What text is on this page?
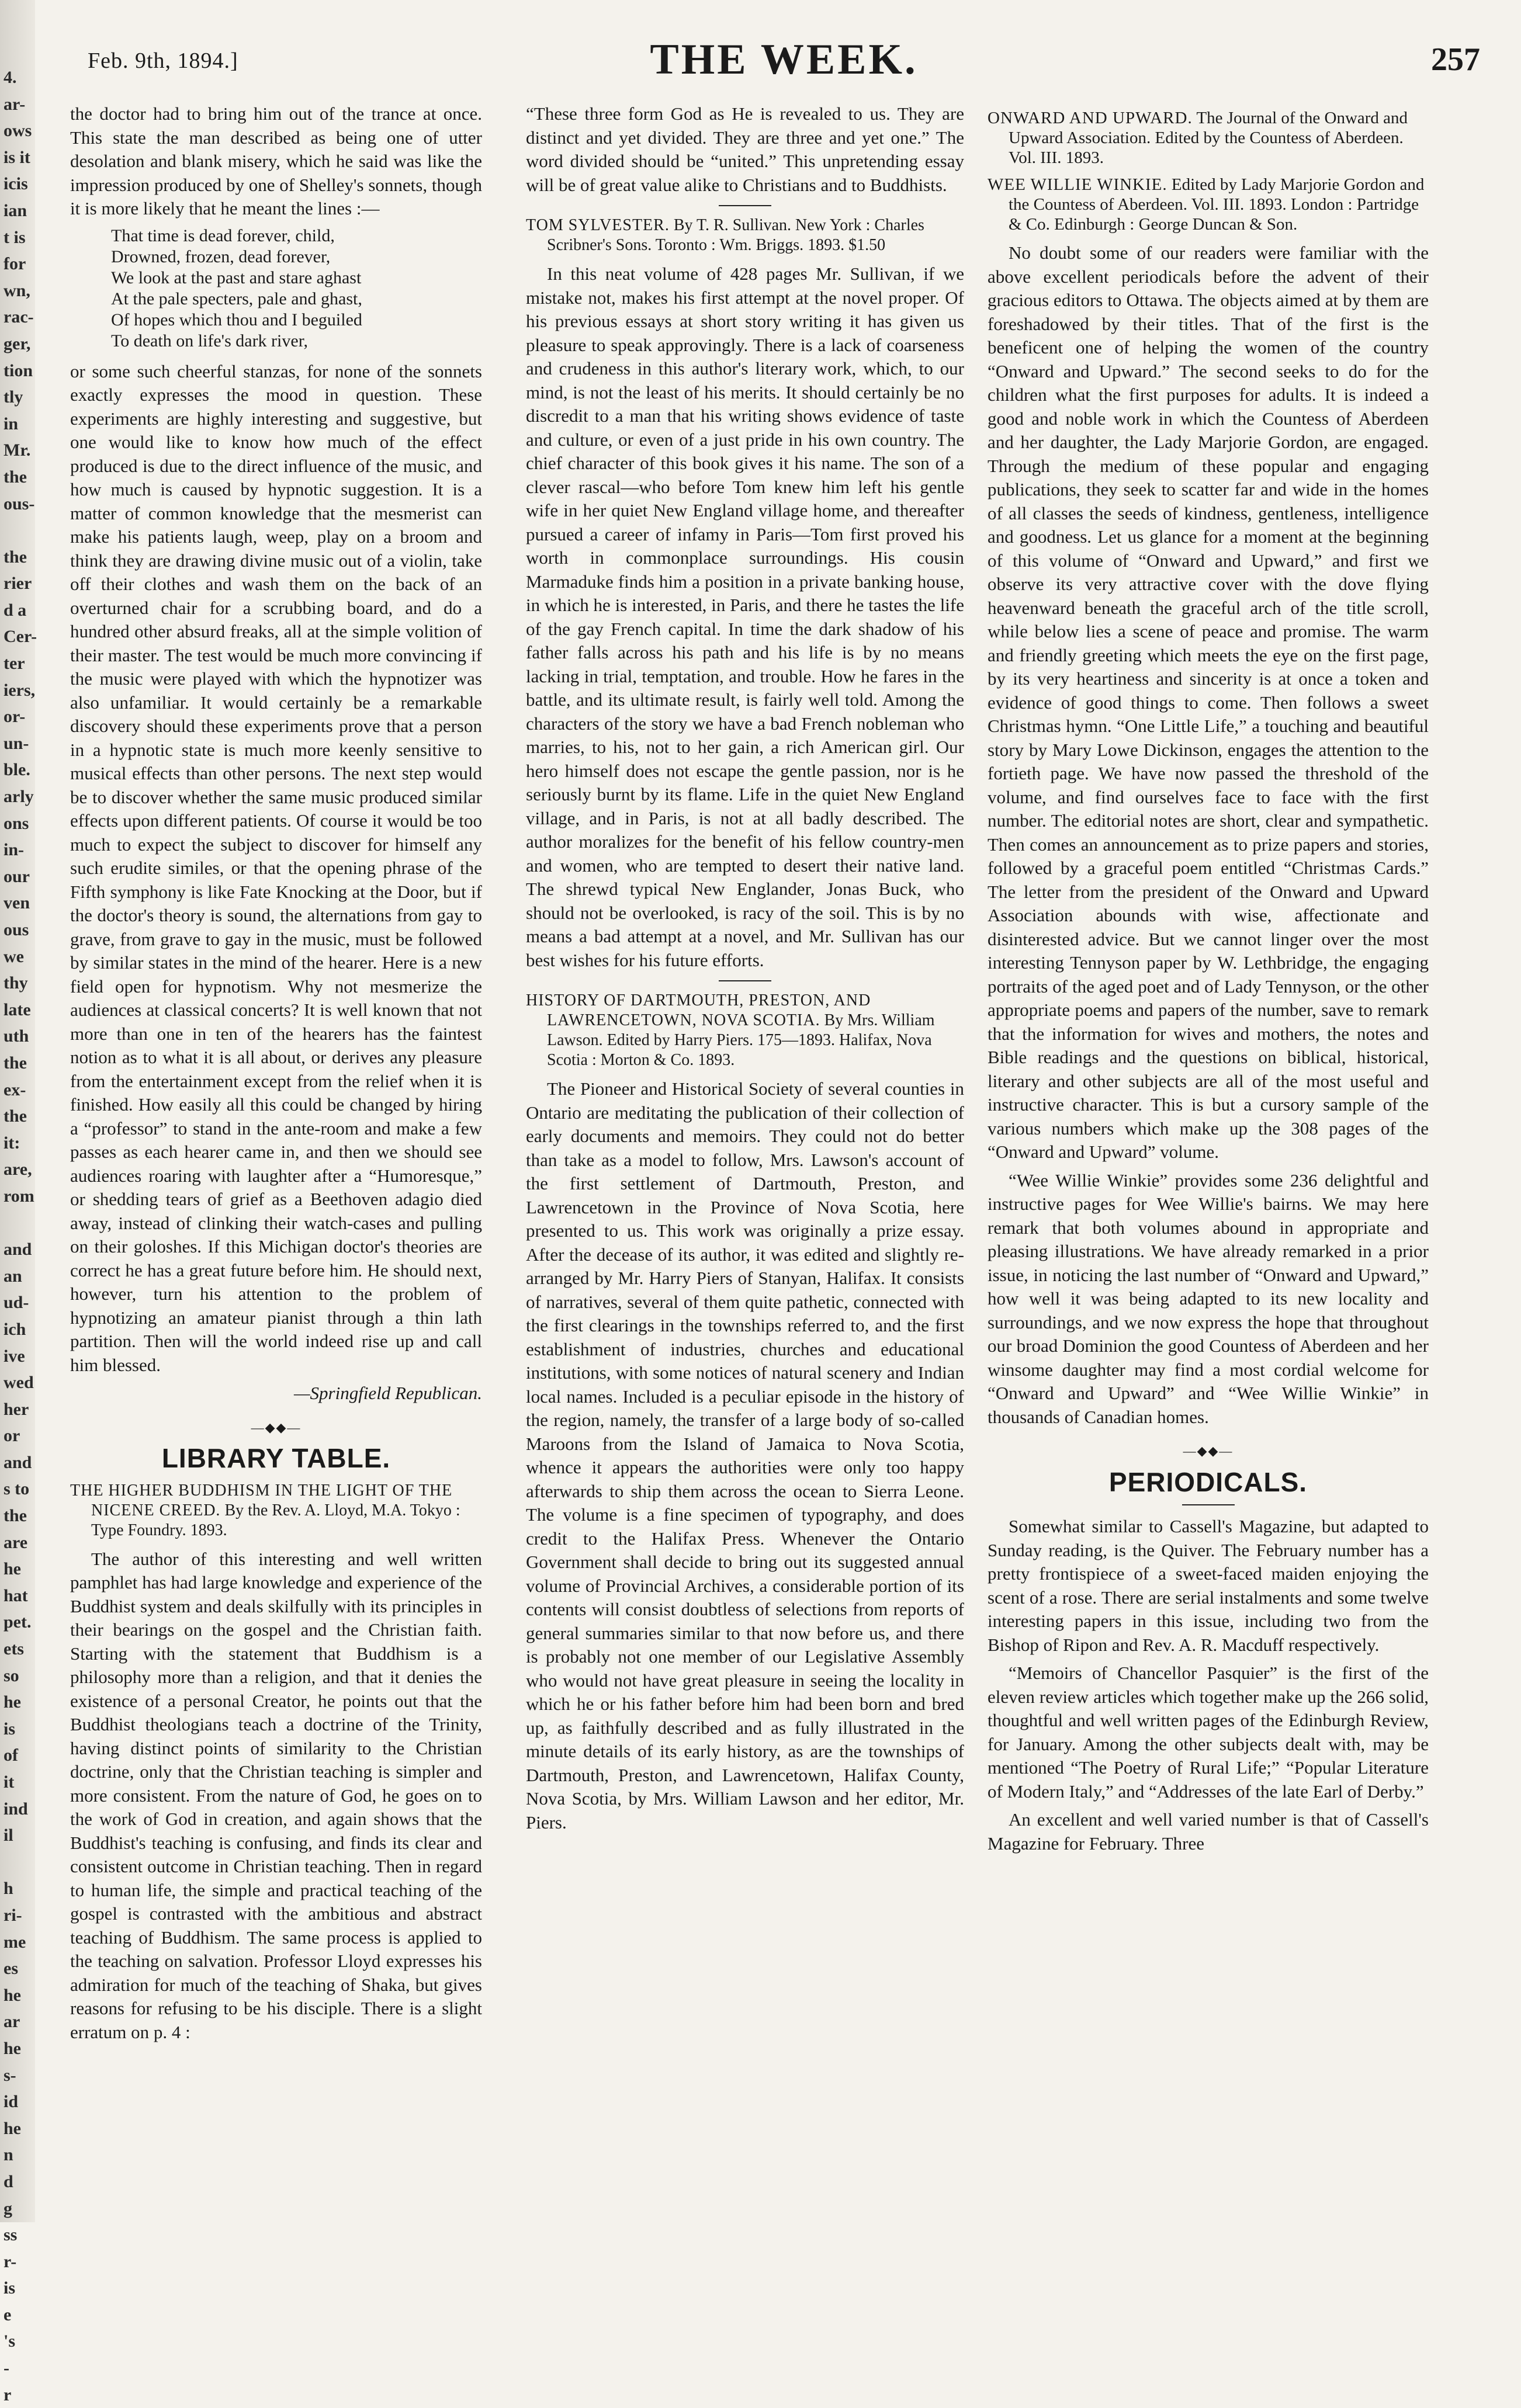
4.
ar-
ows
is it
icis
ian
t is
for
wn,
rac-
ger,
tion
tly
in
Mr.
the
ous-

the
rier
d a
Cer-
ter
iers,
or-
un-
ble.
arly
ons
in-
our
ven
ous
we
thy
late
uth
the
ex-
the
it:
are,
rom

and
an
ud-
ich
ive
wed
her
or
and
s to
the
are
he
hat
pet.
ets
so
he
is
of
it
ind
il

h
ri-
me
es
he
ar
he
s-
id
he
n
d
g
ss
r-
is
e
's
-
r
Feb. 9th, 1894.]	THE WEEK.	257

the doctor had to bring him out of the trance at once. This state the man described as being one of utter desolation and blank misery, which he said was like the impression produced by one of Shelley's sonnets, though it is more likely that he meant the lines :—

That time is dead forever, child,
Drowned, frozen, dead forever,
We look at the past and stare aghast
At the pale specters, pale and ghast,
Of hopes which thou and I beguiled
To death on life's dark river,

or some such cheerful stanzas, for none of the sonnets exactly expresses the mood in question. These experiments are highly interesting and suggestive, but one would like to know how much of the effect produced is due to the direct influence of the music, and how much is caused by hypnotic suggestion. It is a matter of common knowledge that the mesmerist can make his patients laugh, weep, play on a broom and think they are drawing divine music out of a violin, take off their clothes and wash them on the back of an overturned chair for a scrubbing board, and do a hundred other absurd freaks, all at the simple volition of their master. The test would be much more convincing if the music were played with which the hypnotizer was also unfamiliar. It would certainly be a remarkable discovery should these experiments prove that a person in a hypnotic state is much more keenly sensitive to musical effects than other persons. The next step would be to discover whether the same music produced similar effects upon different patients. Of course it would be too much to expect the subject to discover for himself any such erudite similes, or that the opening phrase of the Fifth symphony is like Fate Knocking at the Door, but if the doctor's theory is sound, the alternations from gay to grave, from grave to gay in the music, must be followed by similar states in the mind of the hearer. Here is a new field open for hypnotism. Why not mesmerize the audiences at classical concerts? It is well known that not more than one in ten of the hearers has the faintest notion as to what it is all about, or derives any pleasure from the entertainment except from the relief when it is finished. How easily all this could be changed by hiring a “professor” to stand in the ante-room and make a few passes as each hearer came in, and then we should see audiences roaring with laughter after a “Humoresque,” or shedding tears of grief as a Beethoven adagio died away, instead of clinking their watch-cases and pulling on their goloshes. If this Michigan doctor's theories are correct he has a great future before him. He should next, however, turn his attention to the problem of hypnotizing an amateur pianist through a thin lath partition. Then will the world indeed rise up and call him blessed.

—Springfield Republican.
—◆◆—
LIBRARY TABLE.
THE HIGHER BUDDHISM IN THE LIGHT OF THE NICENE CREED. By the Rev. A. Lloyd, M.A. Tokyo : Type Foundry. 1893.

The author of this interesting and well written pamphlet has had large knowledge and experience of the Buddhist system and deals skilfully with its principles in their bearings on the gospel and the Christian faith. Starting with the statement that Buddhism is a philosophy more than a religion, and that it denies the existence of a personal Creator, he points out that the Buddhist theologians teach a doctrine of the Trinity, having distinct points of similarity to the Christian doctrine, only that the Christian teaching is simpler and more consistent. From the nature of God, he goes on to the work of God in creation, and again shows that the Buddhist's teaching is confusing, and finds its clear and consistent outcome in Christian teaching. Then in regard to human life, the simple and practical teaching of the gospel is contrasted with the ambitious and abstract teaching of Buddhism. The same process is applied to the teaching on salvation. Professor Lloyd expresses his admiration for much of the teaching of Shaka, but gives reasons for refusing to be his disciple. There is a slight erratum on p. 4 :

“These three form God as He is revealed to us. They are distinct and yet divided. They are three and yet one.” The word divided should be “united.” This unpretending essay will be of great value alike to Christians and to Buddhists.

TOM SYLVESTER. By T. R. Sullivan. New York : Charles Scribner's Sons. Toronto : Wm. Briggs. 1893. $1.50

In this neat volume of 428 pages Mr. Sullivan, if we mistake not, makes his first attempt at the novel proper. Of his previous essays at short story writing it has given us pleasure to speak approvingly. There is a lack of coarseness and crudeness in this author's literary work, which, to our mind, is not the least of his merits. It should certainly be no discredit to a man that his writing shows evidence of taste and culture, or even of a just pride in his own country. The chief character of this book gives it his name. The son of a clever rascal—who before Tom knew him left his gentle wife in her quiet New England village home, and thereafter pursued a career of infamy in Paris—Tom first proved his worth in commonplace surroundings. His cousin Marmaduke finds him a position in a private banking house, in which he is interested, in Paris, and there he tastes the life of the gay French capital. In time the dark shadow of his father falls across his path and his life is by no means lacking in trial, temptation, and trouble. How he fares in the battle, and its ultimate result, is fairly well told. Among the characters of the story we have a bad French nobleman who marries, to his, not to her gain, a rich American girl. Our hero himself does not escape the gentle passion, nor is he seriously burnt by its flame. Life in the quiet New England village, and in Paris, is not at all badly described. The author moralizes for the benefit of his fellow country-men and women, who are tempted to desert their native land. The shrewd typical New Englander, Jonas Buck, who should not be overlooked, is racy of the soil. This is by no means a bad attempt at a novel, and Mr. Sullivan has our best wishes for his future efforts.

HISTORY OF DARTMOUTH, PRESTON, AND LAWRENCETOWN, NOVA SCOTIA. By Mrs. William Lawson. Edited by Harry Piers. 175—1893. Halifax, Nova Scotia : Morton & Co. 1893.

The Pioneer and Historical Society of several counties in Ontario are meditating the publication of their collection of early documents and memoirs. They could not do better than take as a model to follow, Mrs. Lawson's account of the first settlement of Dartmouth, Preston, and Lawrencetown in the Province of Nova Scotia, here presented to us. This work was originally a prize essay. After the decease of its author, it was edited and slightly re-arranged by Mr. Harry Piers of Stanyan, Halifax. It consists of narratives, several of them quite pathetic, connected with the first clearings in the townships referred to, and the first establishment of industries, churches and educational institutions, with some notices of natural scenery and Indian local names. Included is a peculiar episode in the history of the region, namely, the transfer of a large body of so-called Maroons from the Island of Jamaica to Nova Scotia, whence it appears the authorities were only too happy afterwards to ship them across the ocean to Sierra Leone. The volume is a fine specimen of typography, and does credit to the Halifax Press. Whenever the Ontario Government shall decide to bring out its suggested annual volume of Provincial Archives, a considerable portion of its contents will consist doubtless of selections from reports of general summaries similar to that now before us, and there is probably not one member of our Legislative Assembly who would not have great pleasure in seeing the locality in which he or his father before him had been born and bred up, as faithfully described and as fully illustrated in the minute details of its early history, as are the townships of Dartmouth, Preston, and Lawrencetown, Halifax County, Nova Scotia, by Mrs. William Lawson and her editor, Mr. Piers.

ONWARD AND UPWARD. The Journal of the Onward and Upward Association. Edited by the Countess of Aberdeen. Vol. III. 1893.
WEE WILLIE WINKIE. Edited by Lady Marjorie Gordon and the Countess of Aberdeen. Vol. III. 1893. London : Partridge & Co. Edinburgh : George Duncan & Son.

No doubt some of our readers were familiar with the above excellent periodicals before the advent of their gracious editors to Ottawa. The objects aimed at by them are foreshadowed by their titles. That of the first is the beneficent one of helping the women of the country “Onward and Upward.” The second seeks to do for the children what the first purposes for adults. It is indeed a good and noble work in which the Countess of Aberdeen and her daughter, the Lady Marjorie Gordon, are engaged. Through the medium of these popular and engaging publications, they seek to scatter far and wide in the homes of all classes the seeds of kindness, gentleness, intelligence and goodness. Let us glance for a moment at the beginning of this volume of “Onward and Upward,” and first we observe its very attractive cover with the dove flying heavenward beneath the graceful arch of the title scroll, while below lies a scene of peace and promise. The warm and friendly greeting which meets the eye on the first page, by its very heartiness and sincerity is at once a token and evidence of good things to come. Then follows a sweet Christmas hymn. “One Little Life,” a touching and beautiful story by Mary Lowe Dickinson, engages the attention to the fortieth page. We have now passed the threshold of the volume, and find ourselves face to face with the first number. The editorial notes are short, clear and sympathetic. Then comes an announcement as to prize papers and stories, followed by a graceful poem entitled “Christmas Cards.” The letter from the president of the Onward and Upward Association abounds with wise, affectionate and disinterested advice. But we cannot linger over the most interesting Tennyson paper by W. Lethbridge, the engaging portraits of the aged poet and of Lady Tennyson, or the other appropriate poems and papers of the number, save to remark that the information for wives and mothers, the notes and Bible readings and the questions on biblical, historical, literary and other subjects are all of the most useful and instructive character. This is but a cursory sample of the various numbers which make up the 308 pages of the “Onward and Upward” volume.

“Wee Willie Winkie” provides some 236 delightful and instructive pages for Wee Willie's bairns. We may here remark that both volumes abound in appropriate and pleasing illustrations. We have already remarked in a prior issue, in noticing the last number of “Onward and Upward,” how well it was being adapted to its new locality and surroundings, and we now express the hope that throughout our broad Dominion the good Countess of Aberdeen and her winsome daughter may find a most cordial welcome for “Onward and Upward” and “Wee Willie Winkie” in thousands of Canadian homes.

—◆◆—
PERIODICALS.

Somewhat similar to Cassell's Magazine, but adapted to Sunday reading, is the Quiver. The February number has a pretty frontispiece of a sweet-faced maiden enjoying the scent of a rose. There are serial instalments and some twelve interesting papers in this issue, including two from the Bishop of Ripon and Rev. A. R. Macduff respectively.

“Memoirs of Chancellor Pasquier” is the first of the eleven review articles which together make up the 266 solid, thoughtful and well written pages of the Edinburgh Review, for January. Among the other subjects dealt with, may be mentioned “The Poetry of Rural Life;” “Popular Literature of Modern Italy,” and “Addresses of the late Earl of Derby.”

An excellent and well varied number is that of Cassell's Magazine for February. Three
